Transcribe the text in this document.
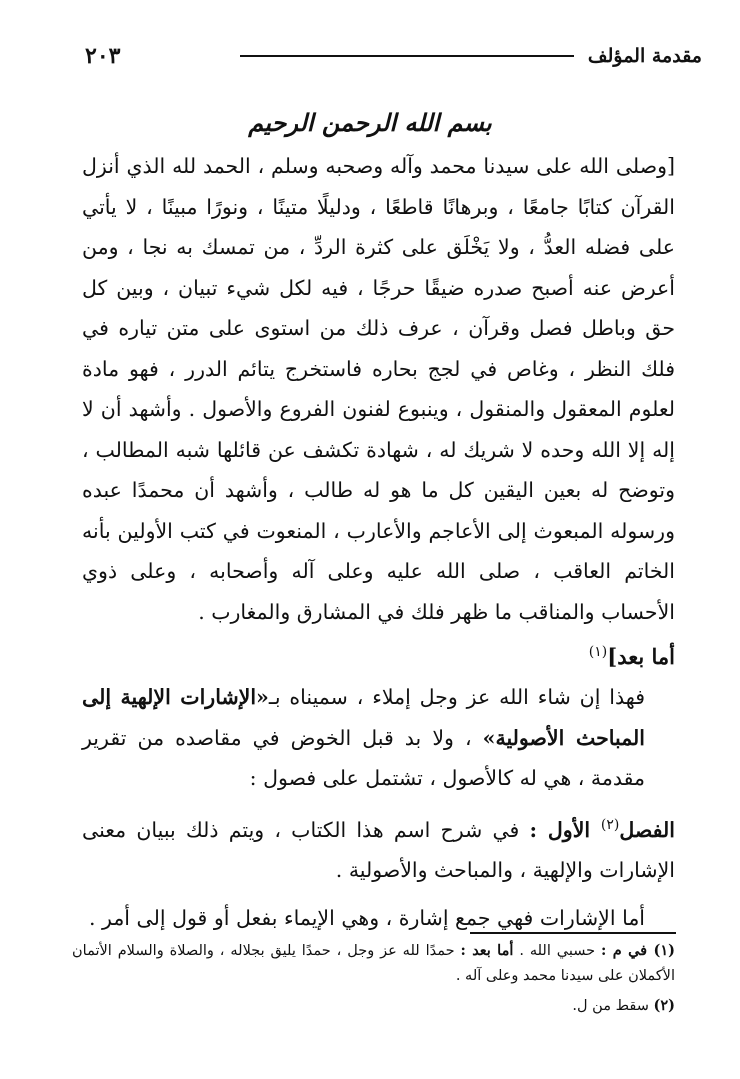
مقدمة المؤلف
٢٠٣
بسم الله الرحمن الرحيم

[وصلى الله على سيدنا محمد وآله وصحبه وسلم ، الحمد لله الذي أنزل القرآن كتابًا جامعًا ، وبرهانًا قاطعًا ، ودليلًا متينًا ، ونورًا مبينًا ، لا يأتي على فضله العدُّ ، ولا يَخْلَق على كثرة الردِّ ، من تمسك به نجا ، ومن أعرض عنه أصبح صدره ضيقًا حرجًا ، فيه لكل شيء تبيان ، وبين كل حق وباطل فصل وقرآن ، عرف ذلك من استوى على متن تياره في فلك النظر ، وغاص في لجج بحاره فاستخرج يتائم الدرر ، فهو مادة لعلوم المعقول والمنقول ، وينبوع لفنون الفروع والأصول . وأشهد أن لا إله إلا الله وحده لا شريك له ، شهادة تكشف عن قائلها شبه المطالب ، وتوضح له بعين اليقين كل ما هو له طالب ، وأشهد أن محمدًا عبده ورسوله المبعوث إلى الأعاجم والأعارب ، المنعوت في كتب الأولين بأنه الخاتم العاقب ، صلى الله عليه وعلى آله وأصحابه ، وعلى ذوي الأحساب والمناقب ما ظهر فلك في المشارق والمغارب .

أما بعد]$^{(١)}$

فهذا إن شاء الله عز وجل إملاء ، سميناه بـ«الإشارات الإلهية إلى المباحث الأصولية» ، ولا بد قبل الخوض في مقاصده من تقرير مقدمة ، هي له كالأصول ، تشتمل على فصول :

الفصل$^{(٢)}$ الأول : في شرح اسم هذا الكتاب ، ويتم ذلك ببيان معنى الإشارات والإلهية ، والمباحث والأصولية .

أما الإشارات فهي جمع إشارة ، وهي الإيماء بفعل أو قول إلى أمر .

(١) في م : حسبي الله . أما بعد : حمدًا لله عز وجل ، حمدًا يليق بجلاله ، والصلاة والسلام الأتمان الأكملان على سيدنا محمد وعلى آله .

(٢) سقط من ل.
